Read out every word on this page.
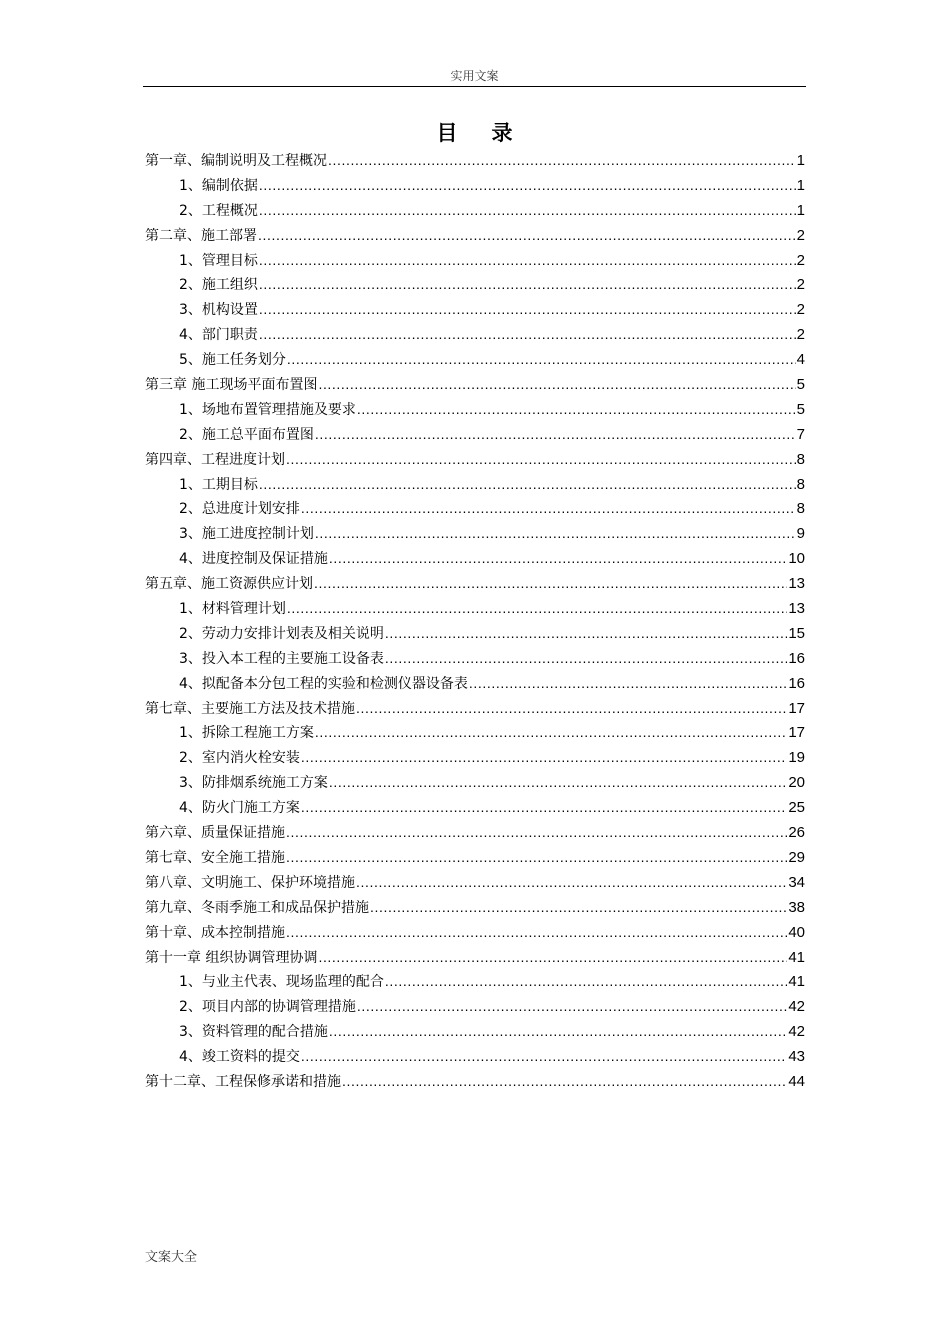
实用文案
目录
第一章、编制说明及工程概况 .....	1
1、编制依据 .....	1
2、工程概况 .....	1
第二章、施工部署 .....	2
1、管理目标 .....	2
2、施工组织 .....	2
3、机构设置 .....	2
4、部门职责 .....	2
5、施工任务划分 .....	4
第三章 施工现场平面布置图 .....	5
1、场地布置管理措施及要求 .....	5
2、施工总平面布置图 .....	7
第四章、工程进度计划 .....	8
1、工期目标 .....	8
2、总进度计划安排 .....	8
3、施工进度控制计划 .....	9
4、进度控制及保证措施 .....	10
第五章、施工资源供应计划 .....	13
1、材料管理计划 .....	13
2、劳动力安排计划表及相关说明 .....	15
3、投入本工程的主要施工设备表 .....	16
4、拟配备本分包工程的实验和检测仪器设备表 .....	16
第七章、主要施工方法及技术措施 .....	17
1、拆除工程施工方案 .....	17
2、室内消火栓安装 .....	19
3、防排烟系统施工方案 .....	20
4、防火门施工方案 .....	25
第六章、质量保证措施 .....	26
第七章、安全施工措施 .....	29
第八章、文明施工、保护环境措施 .....	34
第九章、冬雨季施工和成品保护措施 .....	38
第十章、成本控制措施 .....	40
第十一章 组织协调管理协调 .....	41
1、与业主代表、现场监理的配合 .....	41
2、项目内部的协调管理措施 .....	42
3、资料管理的配合措施 .....	42
4、竣工资料的提交 .....	43
第十二章、工程保修承诺和措施 .....	44
文案大全
